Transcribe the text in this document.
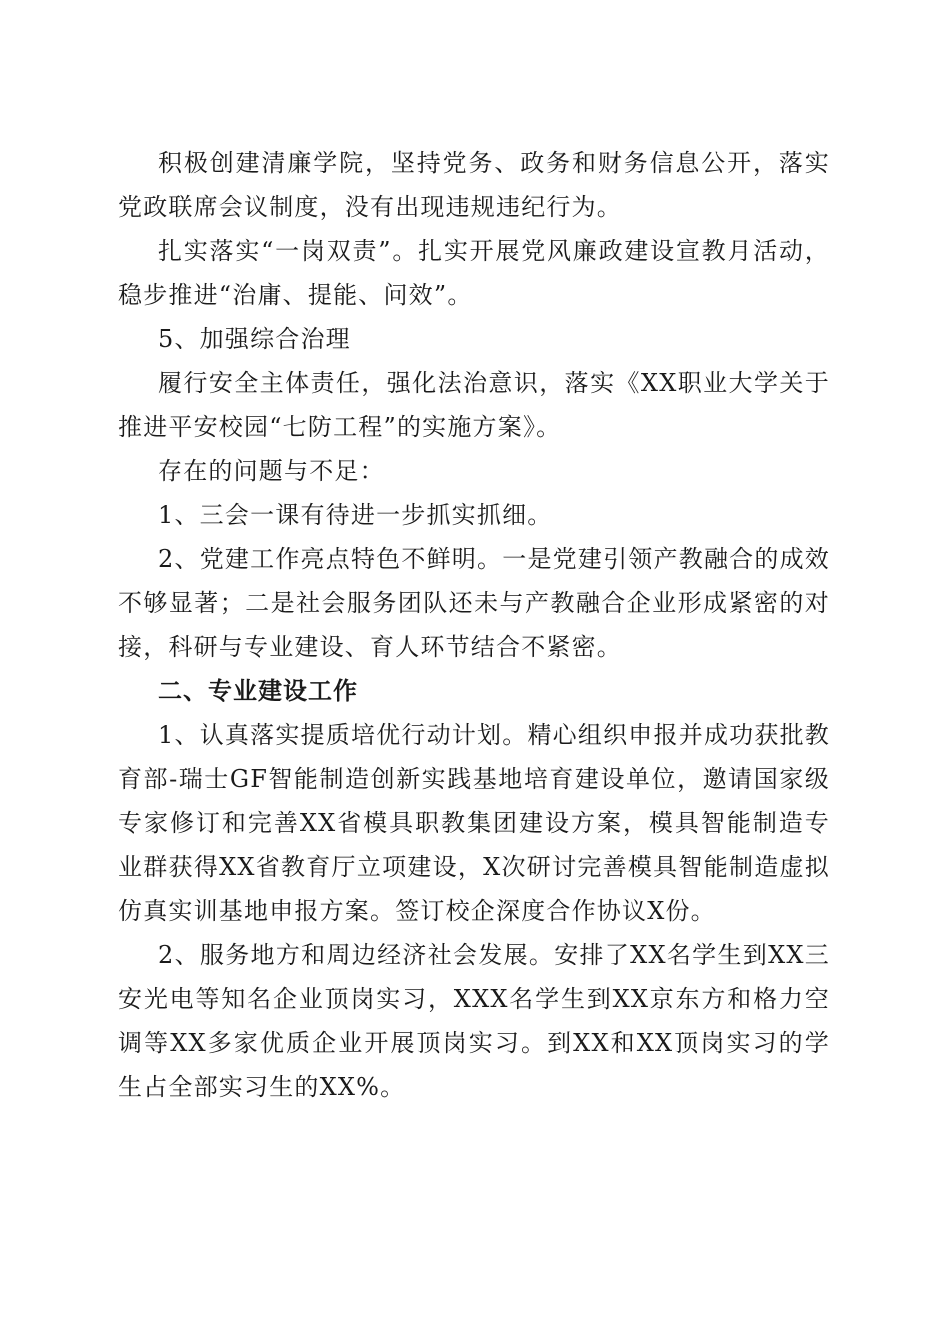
积极创建清廉学院，坚持党务、政务和财务信息公开，落实党政联席会议制度，没有出现违规违纪行为。

扎实落实“一岗双责”。扎实开展党风廉政建设宣教月活动，稳步推进“治庸、提能、问效”。

5、加强综合治理

履行安全主体责任，强化法治意识，落实《XX职业大学关于推进平安校园“七防工程”的实施方案》。

存在的问题与不足：

1、三会一课有待进一步抓实抓细。

2、党建工作亮点特色不鲜明。一是党建引领产教融合的成效不够显著；二是社会服务团队还未与产教融合企业形成紧密的对接，科研与专业建设、育人环节结合不紧密。

二、专业建设工作

1、认真落实提质培优行动计划。精心组织申报并成功获批教育部-瑞士GF智能制造创新实践基地培育建设单位，邀请国家级专家修订和完善XX省模具职教集团建设方案，模具智能制造专业群获得XX省教育厅立项建设，X次研讨完善模具智能制造虚拟仿真实训基地申报方案。签订校企深度合作协议X份。

2、服务地方和周边经济社会发展。安排了XX名学生到XX三安光电等知名企业顶岗实习，XXX名学生到XX京东方和格力空调等XX多家优质企业开展顶岗实习。到XX和XX顶岗实习的学生占全部实习生的XX%。
